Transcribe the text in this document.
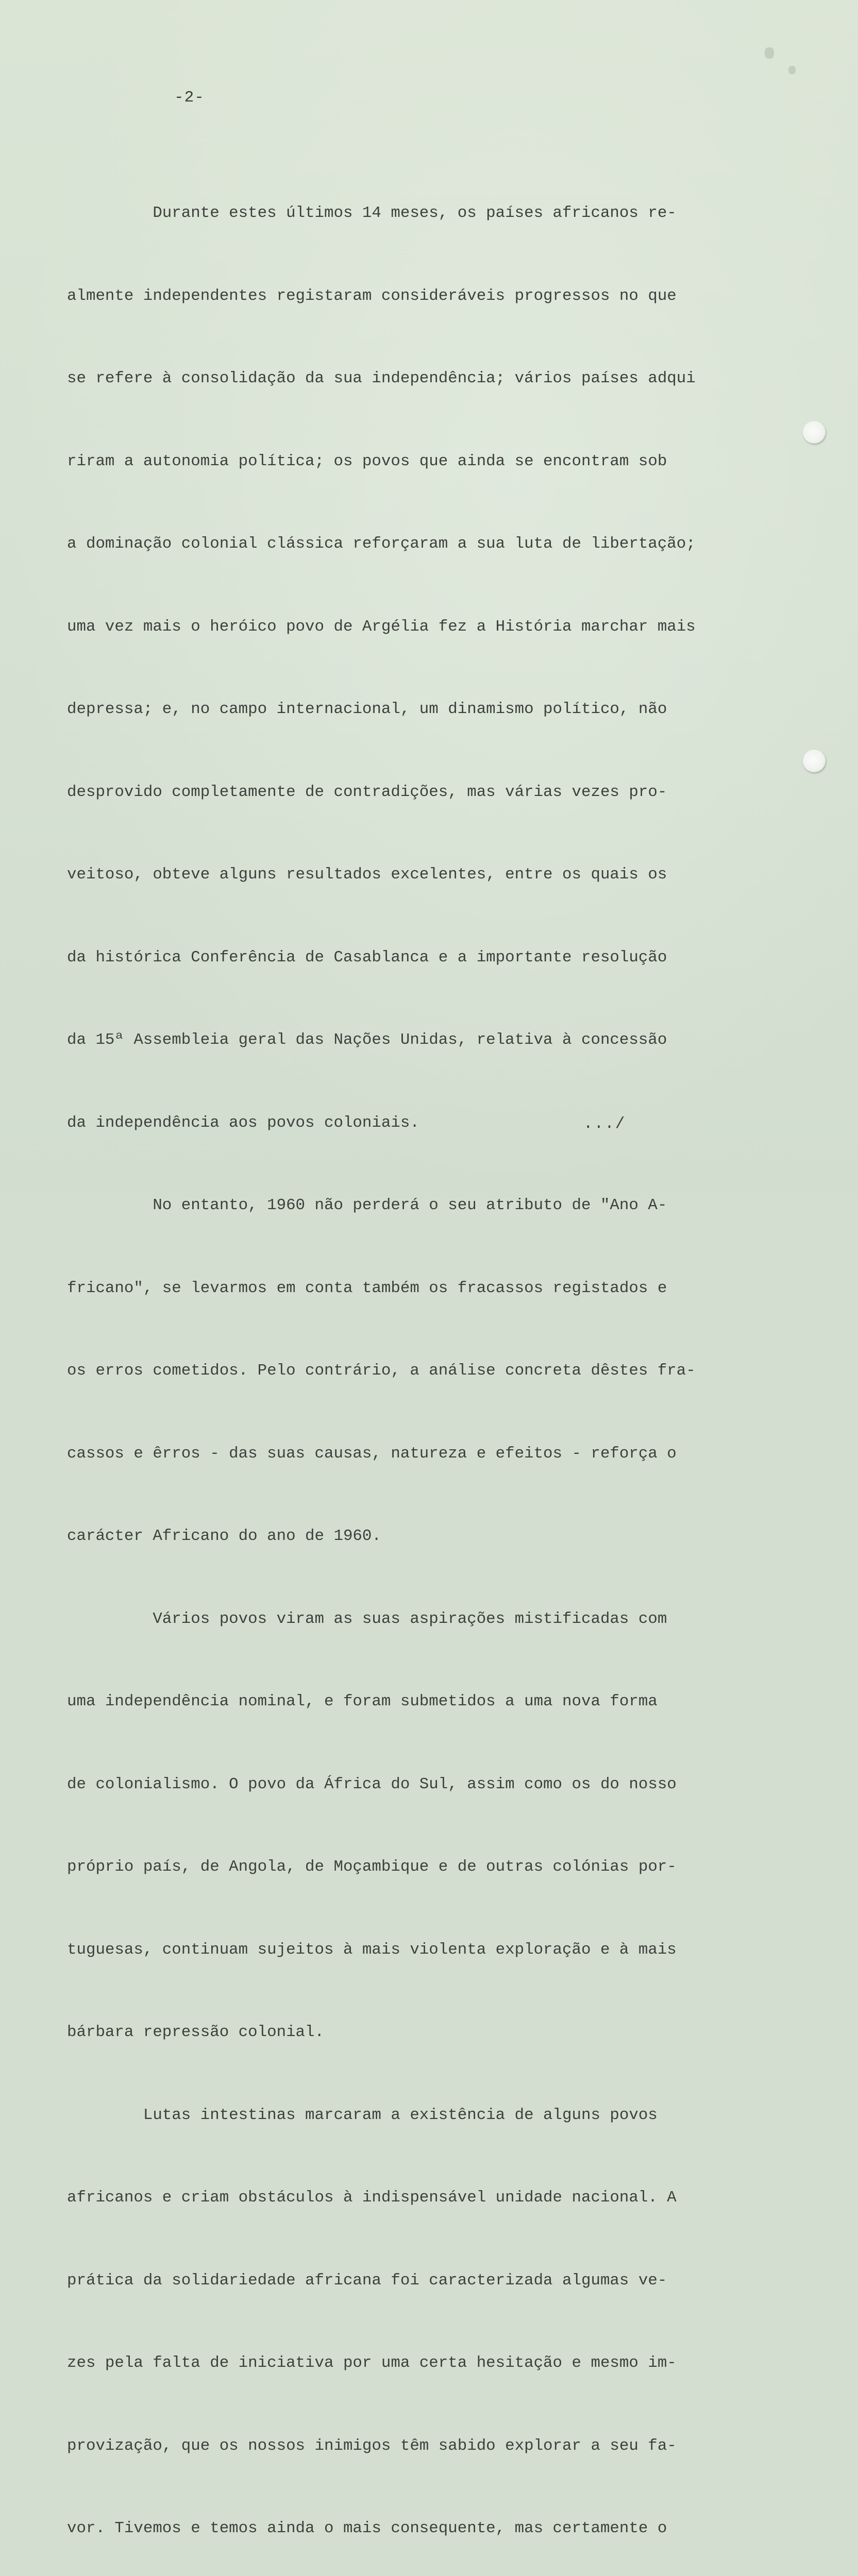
-2-

Durante estes últimos 14 meses, os países africanos re-

almente independentes registaram consideráveis progressos no que

se refere à consolidação da sua independência; vários países adqui

riram a autonomia política; os povos que ainda se encontram sob

a dominação colonial clássica reforçaram a sua luta de libertação;

uma vez mais o heróico povo de Argélia fez a História marchar mais

depressa; e, no campo internacional, um dinamismo político, não

desprovido completamente de contradições, mas várias vezes pro-

veitoso, obteve alguns resultados excelentes, entre os quais os

da histórica Conferência de Casablanca e a importante resolução

da 15ª Assembleia geral das Nações Unidas, relativa à concessão

da independência aos povos coloniais.

No entanto, 1960 não perderá o seu atributo de "Ano A-

fricano", se levarmos em conta também os fracassos registados e

os erros cometidos. Pelo contrário, a análise concreta dêstes fra-

cassos e êrros - das suas causas, natureza e efeitos - reforça o

carácter Africano do ano de 1960.

Vários povos viram as suas aspirações mistificadas com

uma independência nominal, e foram submetidos a uma nova forma

de colonialismo. O povo da África do Sul, assim como os do nosso

próprio país, de Angola, de Moçambique e de outras colónias por-

tuguesas, continuam sujeitos à mais violenta exploração e à mais

bárbara repressão colonial.

Lutas intestinas marcaram a existência de alguns povos

africanos e criam obstáculos à indispensável unidade nacional. A

prática da solidariedade africana foi caracterizada algumas ve-

zes pela falta de iniciativa por uma certa hesitação e mesmo im-

provização, que os nossos inimigos têm sabido explorar a seu fa-

vor. Tivemos e temos ainda o mais consequente, mas certamente o

.../
